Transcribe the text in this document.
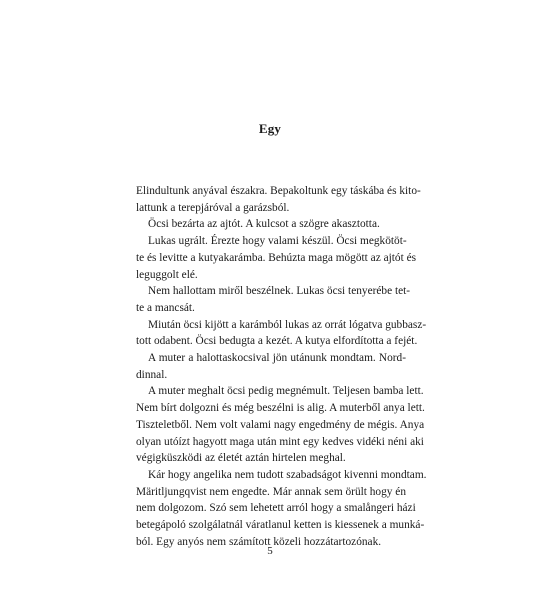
Egy
Elindultunk anyával északra. Bepakoltunk egy táskába és kito-
lattunk a terepjáróval a garázsból.
Öcsi bezárta az ajtót. A kulcsot a szögre akasztotta.
Lukas ugrált. Érezte hogy valami készül. Öcsi megkötöt-
te és levitte a kutyakarámba. Behúzta maga mögött az ajtót és
leguggolt elé.
Nem hallottam miről beszélnek. Lukas öcsi tenyerébe tet-
te a mancsát.
Miután öcsi kijött a karámból lukas az orrát lógatva gubbasz-
tott odabent. Öcsi bedugta a kezét. A kutya elfordította a fejét.
A muter a halottaskocsival jön utánunk mondtam. Nord-
dinnal.
A muter meghalt öcsi pedig megnémult. Teljesen bamba lett.
Nem bírt dolgozni és még beszélni is alig. A muterből anya lett.
Tiszteletből. Nem volt valami nagy engedmény de mégis. Anya
olyan utóízt hagyott maga után mint egy kedves vidéki néni aki
végigküszködi az életét aztán hirtelen meghal.
Kár hogy angelika nem tudott szabadságot kivenni mondtam.
Märitljungqvist nem engedte. Már annak sem örült hogy én
nem dolgozom. Szó sem lehetett arról hogy a smalångeri házi
betegápoló szolgálatnál váratlanul ketten is kiessenek a munká-
ból. Egy anyós nem számított közeli hozzátartozónak.
5
